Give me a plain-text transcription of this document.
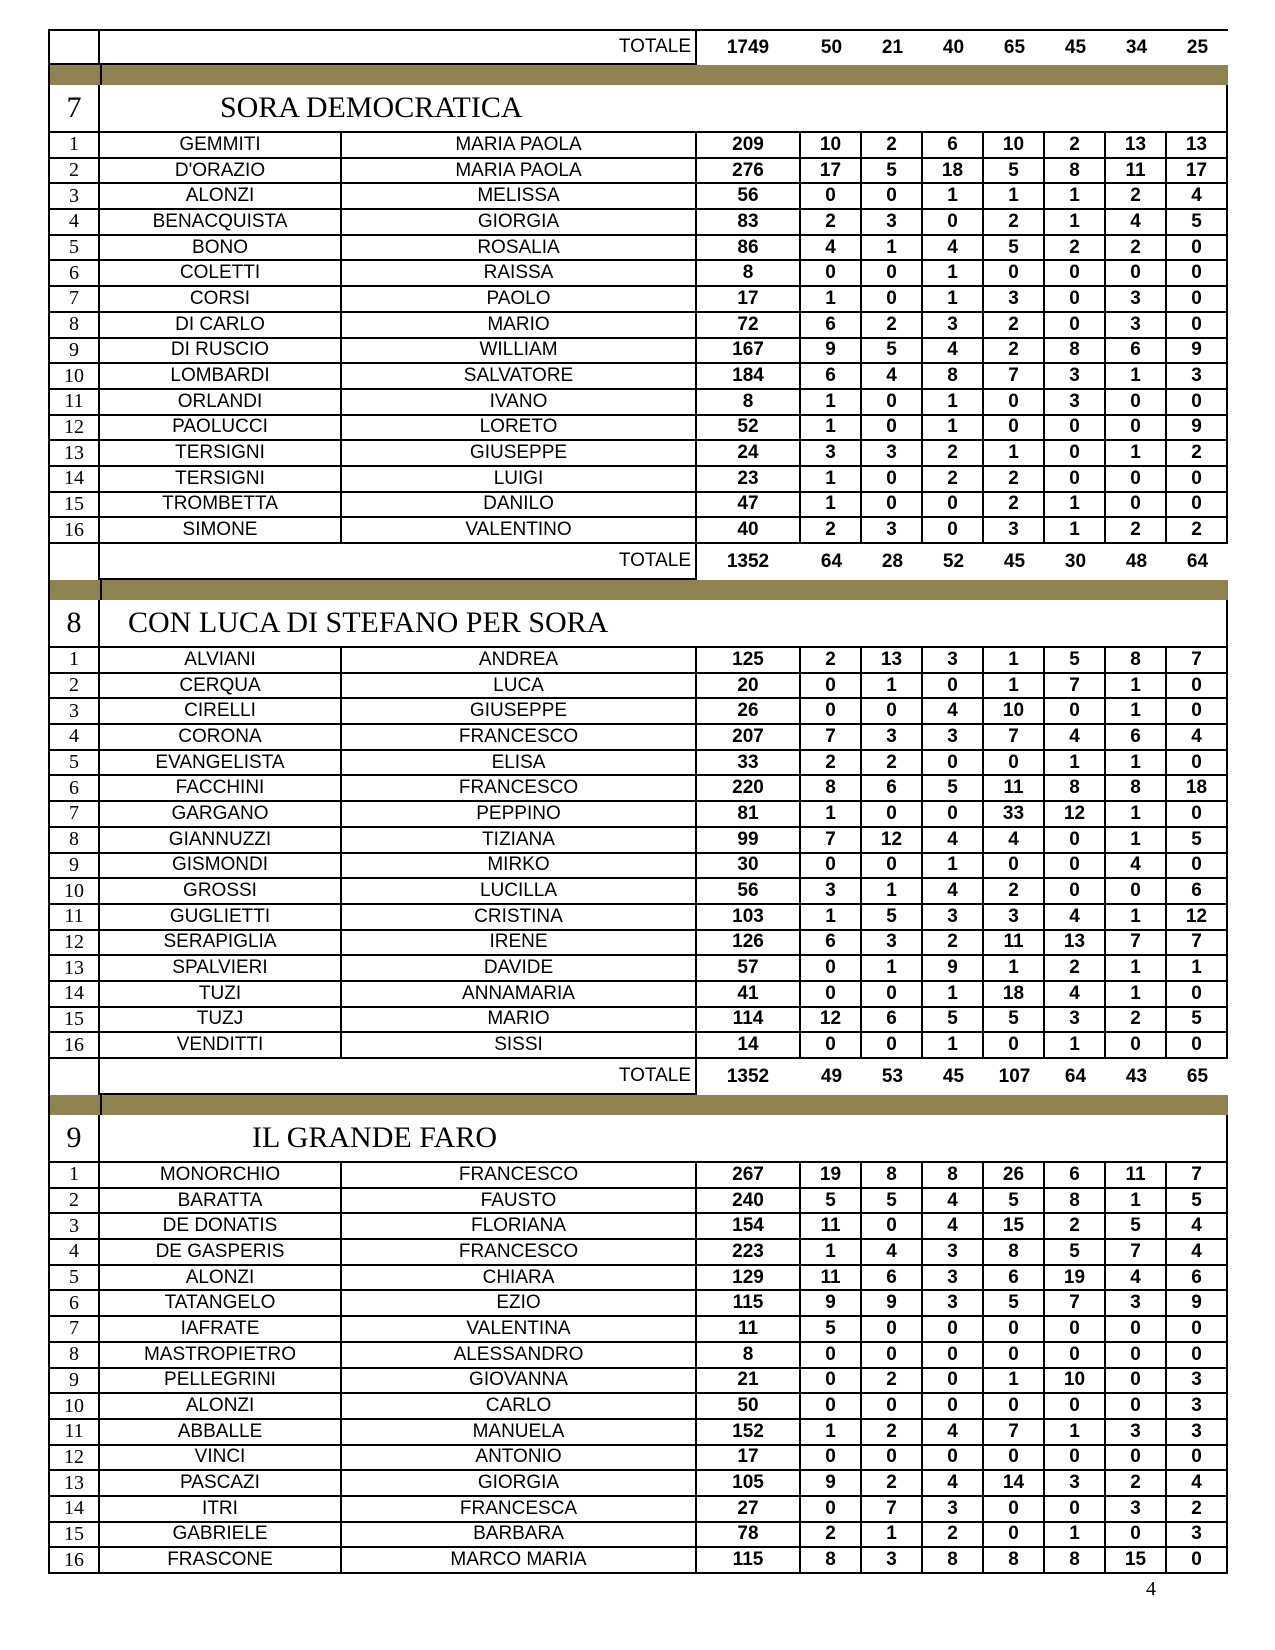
TOTALE	1749	50	21	40	65	45	34	25
7	SORA DEMOCRATICA
1	GEMMITI	MARIA PAOLA	209	10	2	6	10	2	13	13
2	D'ORAZIO	MARIA PAOLA	276	17	5	18	5	8	11	17
3	ALONZI	MELISSA	56	0	0	1	1	1	2	4
4	BENACQUISTA	GIORGIA	83	2	3	0	2	1	4	5
5	BONO	ROSALIA	86	4	1	4	5	2	2	0
6	COLETTI	RAISSA	8	0	0	1	0	0	0	0
7	CORSI	PAOLO	17	1	0	1	3	0	3	0
8	DI CARLO	MARIO	72	6	2	3	2	0	3	0
9	DI RUSCIO	WILLIAM	167	9	5	4	2	8	6	9
10	LOMBARDI	SALVATORE	184	6	4	8	7	3	1	3
11	ORLANDI	IVANO	8	1	0	1	0	3	0	0
12	PAOLUCCI	LORETO	52	1	0	1	0	0	0	9
13	TERSIGNI	GIUSEPPE	24	3	3	2	1	0	1	2
14	TERSIGNI	LUIGI	23	1	0	2	2	0	0	0
15	TROMBETTA	DANILO	47	1	0	0	2	1	0	0
16	SIMONE	VALENTINO	40	2	3	0	3	1	2	2
TOTALE	1352	64	28	52	45	30	48	64
8	CON LUCA DI STEFANO PER SORA
1	ALVIANI	ANDREA	125	2	13	3	1	5	8	7
2	CERQUA	LUCA	20	0	1	0	1	7	1	0
3	CIRELLI	GIUSEPPE	26	0	0	4	10	0	1	0
4	CORONA	FRANCESCO	207	7	3	3	7	4	6	4
5	EVANGELISTA	ELISA	33	2	2	0	0	1	1	0
6	FACCHINI	FRANCESCO	220	8	6	5	11	8	8	18
7	GARGANO	PEPPINO	81	1	0	0	33	12	1	0
8	GIANNUZZI	TIZIANA	99	7	12	4	4	0	1	5
9	GISMONDI	MIRKO	30	0	0	1	0	0	4	0
10	GROSSI	LUCILLA	56	3	1	4	2	0	0	6
11	GUGLIETTI	CRISTINA	103	1	5	3	3	4	1	12
12	SERAPIGLIA	IRENE	126	6	3	2	11	13	7	7
13	SPALVIERI	DAVIDE	57	0	1	9	1	2	1	1
14	TUZI	ANNAMARIA	41	0	0	1	18	4	1	0
15	TUZJ	MARIO	114	12	6	5	5	3	2	5
16	VENDITTI	SISSI	14	0	0	1	0	1	0	0
TOTALE	1352	49	53	45	107	64	43	65
9	IL GRANDE FARO
1	MONORCHIO	FRANCESCO	267	19	8	8	26	6	11	7
2	BARATTA	FAUSTO	240	5	5	4	5	8	1	5
3	DE DONATIS	FLORIANA	154	11	0	4	15	2	5	4
4	DE GASPERIS	FRANCESCO	223	1	4	3	8	5	7	4
5	ALONZI	CHIARA	129	11	6	3	6	19	4	6
6	TATANGELO	EZIO	115	9	9	3	5	7	3	9
7	IAFRATE	VALENTINA	11	5	0	0	0	0	0	0
8	MASTROPIETRO	ALESSANDRO	8	0	0	0	0	0	0	0
9	PELLEGRINI	GIOVANNA	21	0	2	0	1	10	0	3
10	ALONZI	CARLO	50	0	0	0	0	0	0	3
11	ABBALLE	MANUELA	152	1	2	4	7	1	3	3
12	VINCI	ANTONIO	17	0	0	0	0	0	0	0
13	PASCAZI	GIORGIA	105	9	2	4	14	3	2	4
14	ITRI	FRANCESCA	27	0	7	3	0	0	3	2
15	GABRIELE	BARBARA	78	2	1	2	0	1	0	3
16	FRASCONE	MARCO MARIA	115	8	3	8	8	8	15	0
4
